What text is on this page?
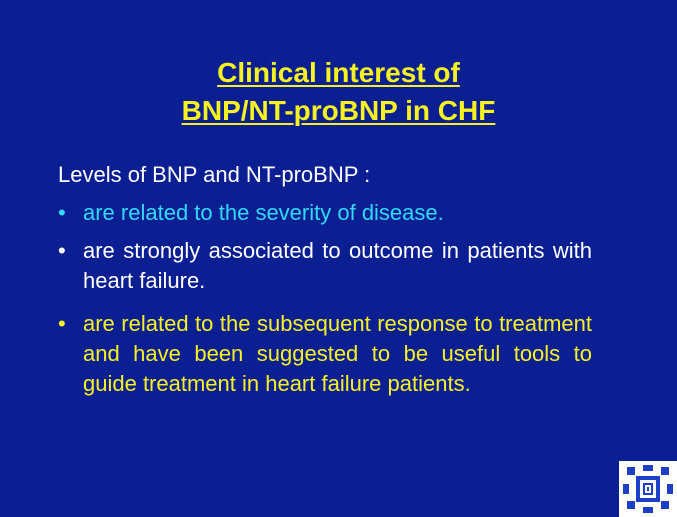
Clinical interest of
BNP/NT-proBNP in CHF
Levels of BNP and NT-proBNP :
• are related to the severity of disease.
• are strongly associated to outcome in patients with heart failure.
• are related to the subsequent response to treatment and have been suggested to be useful tools to guide treatment in heart failure patients.
